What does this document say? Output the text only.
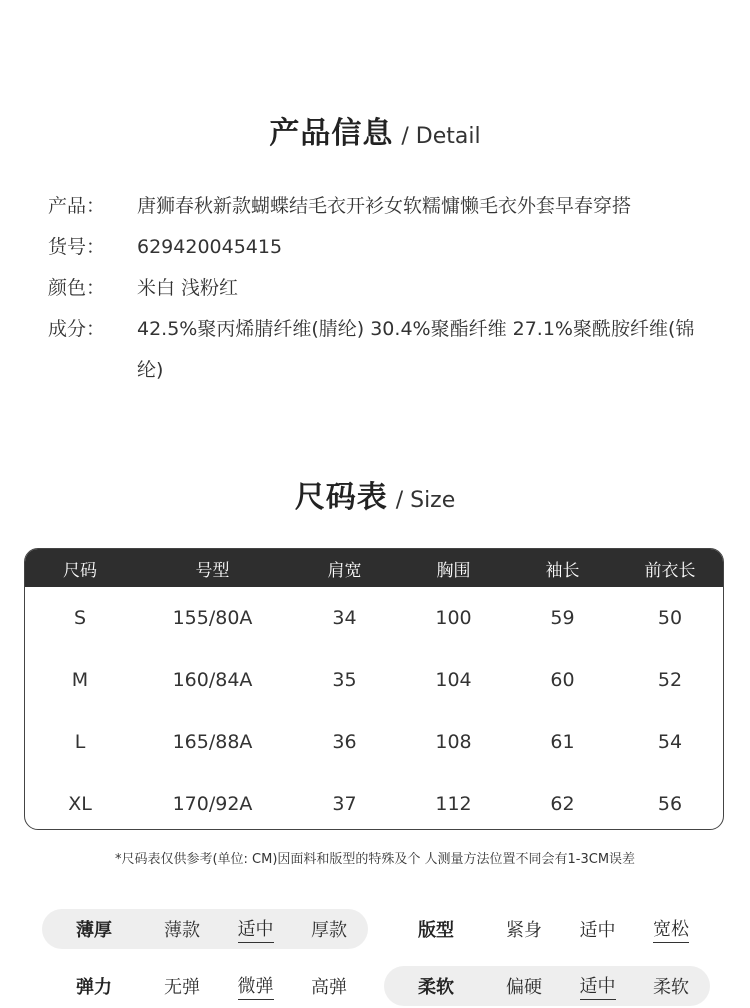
产品信息 / Detail
产品：	唐狮春秋新款蝴蝶结毛衣开衫女软糯慵懒毛衣外套早春穿搭
货号：	629420045415
颜色：	米白 浅粉红
成分：	42.5%聚丙烯腈纤维(腈纶) 30.4%聚酯纤维 27.1%聚酰胺纤维(锦纶)
尺码表 / Size
尺码	号型	肩宽	胸围	袖长	前衣长
S	155/80A	34	100	59	50
M	160/84A	35	104	60	52
L	165/88A	36	108	61	54
XL	170/92A	37	112	62	56
*尺码表仅供参考(单位: CM)因面料和版型的特殊及个 人测量方法位置不同会有1-3CM误差
薄厚	薄款	适中	厚款	版型	紧身	适中	宽松
弹力	无弹	微弹	高弹	柔软	偏硬	适中	柔软
